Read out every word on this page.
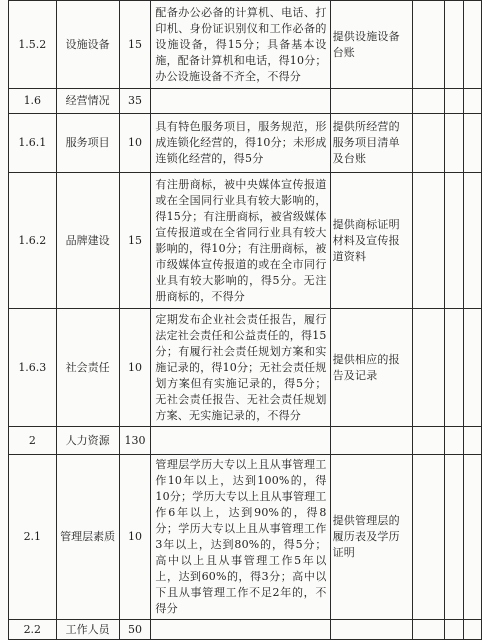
1.5.2	设施设备	15	配备办公必备的计算机、电话、打印机、身份证识别仪和工作必备的设施设备，得15分；具备基本设施，配备计算机和电话，得10分；办公设施设备不齐全，不得分	提供设施设备台账			
1.6	经营情况	35					
1.6.1	服务项目	10	具有特色服务项目，服务规范，形成连锁化经营的，得10分；未形成连锁化经营的，得5分	提供所经营的服务项目清单及台账			
1.6.2	品牌建设	15	有注册商标，被中央媒体宣传报道或在全国同行业具有较大影响的，得15分；有注册商标，被省级媒体宣传报道或在全省同行业具有较大影响的，得10分；有注册商标，被市级媒体宣传报道的或在全市同行业具有较大影响的，得5分。无注册商标的，不得分	提供商标证明材料及宣传报道资料			
1.6.3	社会责任	10	定期发布企业社会责任报告，履行法定社会责任和公益责任的，得15分；有履行社会责任规划方案和实施记录的，得10分；无社会责任规划方案但有实施记录的，得5分；无社会责任报告、无社会责任规划方案、无实施记录的，不得分	提供相应的报告及记录			
2	人力资源	130					
2.1	管理层素质	10	管理层学历大专以上且从事管理工作10年以上，达到100%的，得10分；学历大专以上且从事管理工作6年以上，达到90%的，得8分；学历大专以上且从事管理工作3年以上，达到80%的，得5分；高中以上且从事管理工作5年以上，达到60%的，得3分；高中以下且从事管理工作不足2年的，不得分	提供管理层的履历表及学历证明			
2.2	工作人员	50					
